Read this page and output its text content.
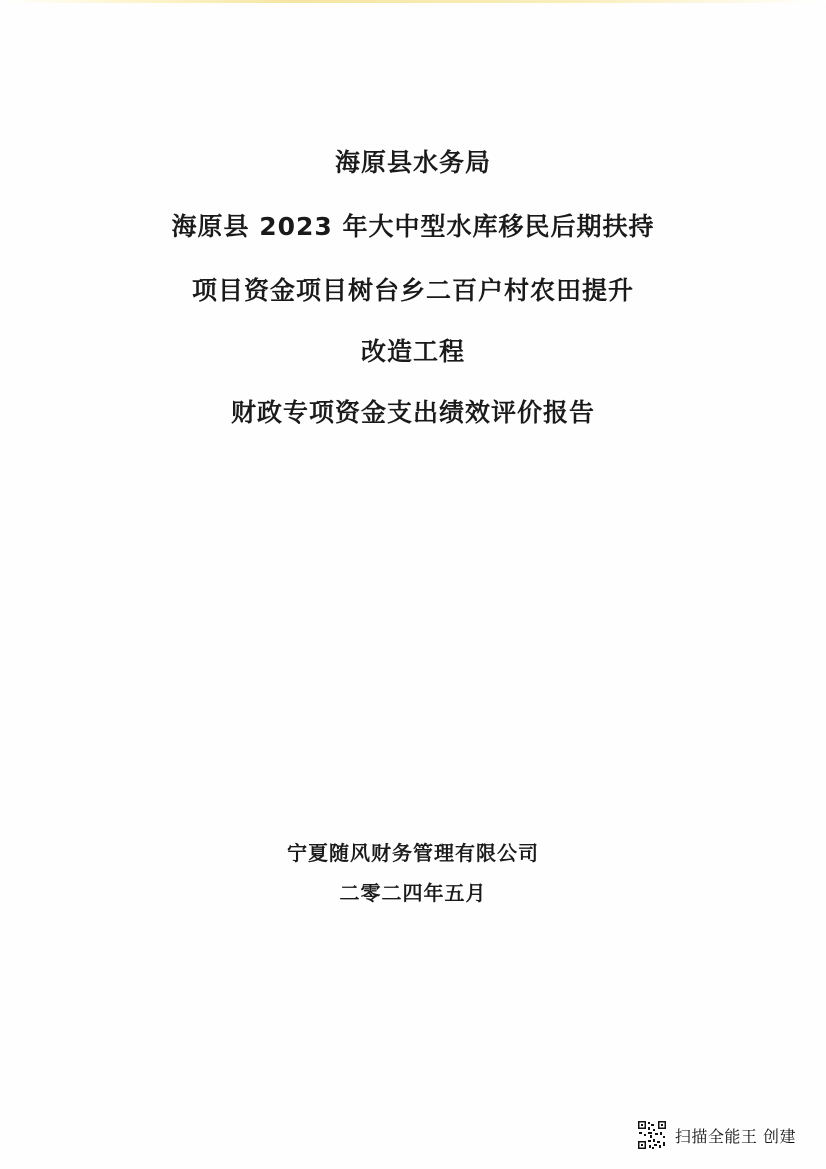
海原县水务局
海原县 2023 年大中型水库移民后期扶持
项目资金项目树台乡二百户村农田提升
改造工程
财政专项资金支出绩效评价报告
宁夏随风财务管理有限公司
二零二四年五月
扫描全能王 创建
